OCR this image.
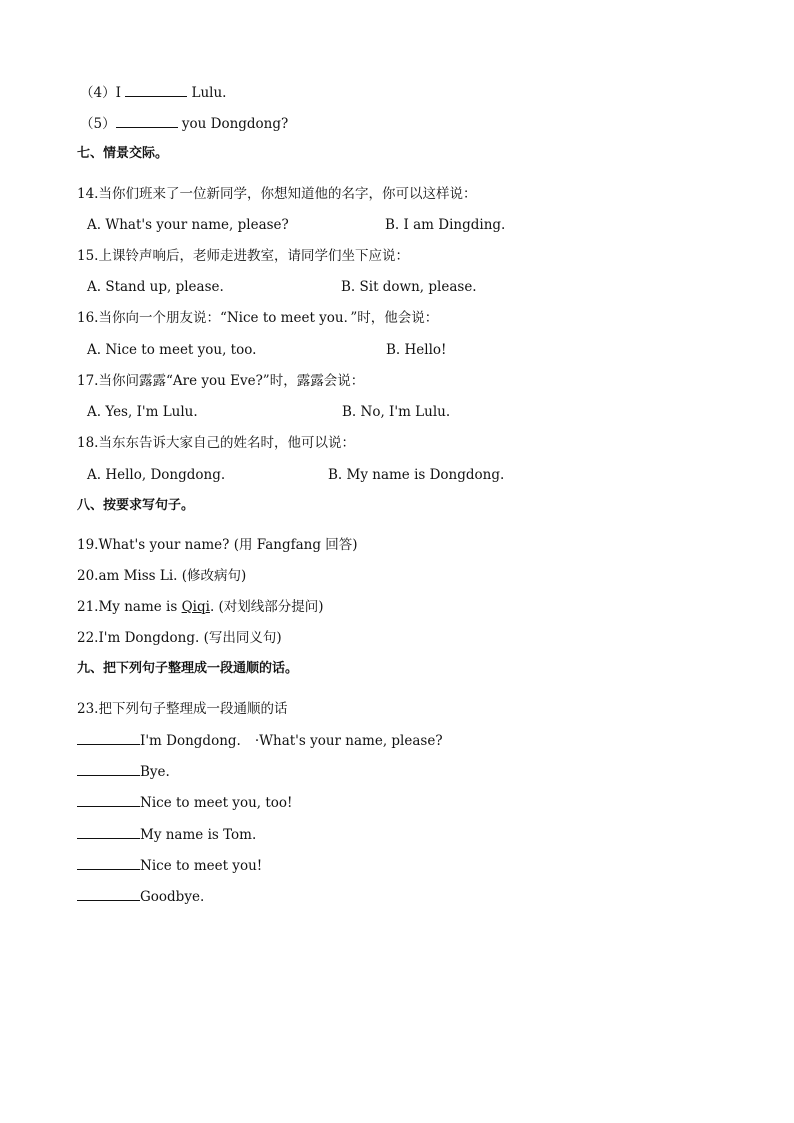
（4）I	Lulu.
（5）	you Dongdong?
七、情景交际。
14.当你们班来了一位新同学，你想知道他的名字，你可以这样说：
A. What's your name, please?	B. I am Dingding.
15.上课铃声响后，老师走进教室，请同学们坐下应说：
A. Stand up, please.	B. Sit down, please.
16.当你向一个朋友说：“Nice to meet you．”时，他会说：
A. Nice to meet you, too.	B. Hello!
17.当你问露露“Are you Eve?”时，露露会说：
A. Yes, I'm Lulu.	B. No, I'm Lulu.
18.当东东告诉大家自己的姓名时，他可以说：
A. Hello, Dongdong.	B. My name is Dongdong.
八、按要求写句子。
19.What's your name? (用 Fangfang 回答)
20.am Miss Li. (修改病句)
21.My name is Qiqi. (对划线部分提问)
22.I'm Dongdong. (写出同义句)
九、把下列句子整理成一段通顺的话。
23.把下列句子整理成一段通顺的话
I'm Dongdong. ·What's your name, please?
Bye.
Nice to meet you, too!
My name is Tom.
Nice to meet you!
Goodbye.
